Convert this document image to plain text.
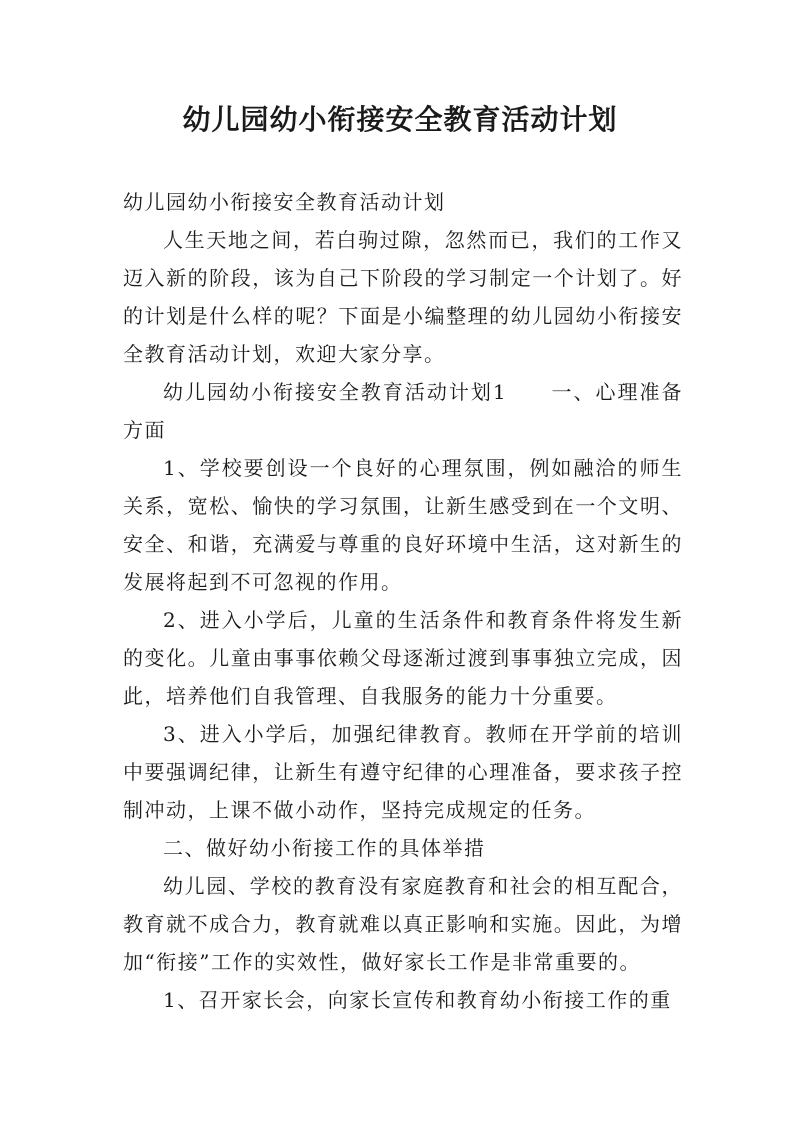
幼儿园幼小衔接安全教育活动计划

幼儿园幼小衔接安全教育活动计划

人生天地之间，若白驹过隙，忽然而已，我们的工作又迈入新的阶段，该为自己下阶段的学习制定一个计划了。好的计划是什么样的呢？下面是小编整理的幼儿园幼小衔接安全教育活动计划，欢迎大家分享。

幼儿园幼小衔接安全教育活动计划1　　一、心理准备方面

1、学校要创设一个良好的心理氛围，例如融洽的师生关系，宽松、愉快的学习氛围，让新生感受到在一个文明、安全、和谐，充满爱与尊重的良好环境中生活，这对新生的发展将起到不可忽视的作用。

2、进入小学后，儿童的生活条件和教育条件将发生新的变化。儿童由事事依赖父母逐渐过渡到事事独立完成，因此，培养他们自我管理、自我服务的能力十分重要。

3、进入小学后，加强纪律教育。教师在开学前的培训中要强调纪律，让新生有遵守纪律的心理准备，要求孩子控制冲动，上课不做小动作，坚持完成规定的任务。

二、做好幼小衔接工作的具体举措

幼儿园、学校的教育没有家庭教育和社会的相互配合，教育就不成合力，教育就难以真正影响和实施。因此，为增加“衔接”工作的实效性，做好家长工作是非常重要的。

1、召开家长会，向家长宣传和教育幼小衔接工作的重
